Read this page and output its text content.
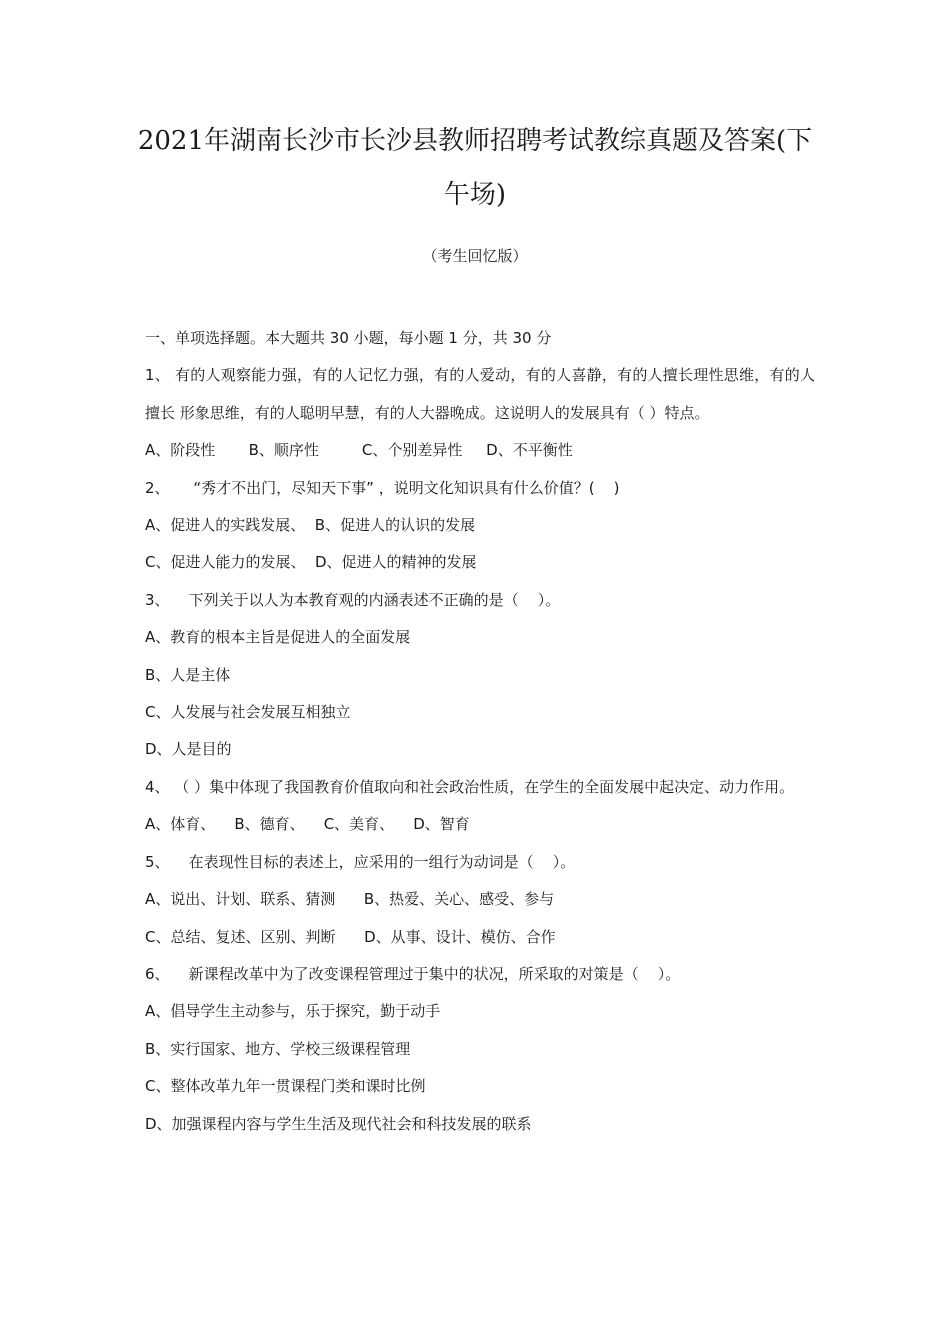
2021年湖南长沙市长沙县教师招聘考试教综真题及答案(下
午场)
（考生回忆版）

一、单项选择题。本大题共 30 小题，每小题 1 分，共 30 分

1、 有的人观察能力强，有的人记忆力强，有的人爱动，有的人喜静，有的人擅长理性思维，有的人擅长 形象思维，有的人聪明早慧，有的人大器晚成。这说明人的发展具有（ ）特点。

A、阶段性       B、顺序性         C、个别差异性     D、不平衡性

2、     “秀才不出门，尽知天下事” ，说明文化知识具有什么价值？(    )

A、促进人的实践发展、  B、促进人的认识的发展

C、促进人能力的发展、  D、促进人的精神的发展

3、    下列关于以人为本教育观的内涵表述不正确的是（    ）。

A、教育的根本主旨是促进人的全面发展

B、人是主体

C、人发展与社会发展互相独立

D、人是目的

4、 （ ）集中体现了我国教育价值取向和社会政治性质，在学生的全面发展中起决定、动力作用。

A、体育、    B、德育、    C、美育、    D、智育

5、    在表现性目标的表述上，应采用的一组行为动词是（    ）。

A、说出、计划、联系、猜测      B、热爱、关心、感受、参与

C、总结、复述、区别、判断      D、从事、设计、模仿、合作

6、    新课程改革中为了改变课程管理过于集中的状况，所采取的对策是（    ）。

A、倡导学生主动参与，乐于探究，勤于动手

B、实行国家、地方、学校三级课程管理

C、整体改革九年一贯课程门类和课时比例

D、加强课程内容与学生生活及现代社会和科技发展的联系
